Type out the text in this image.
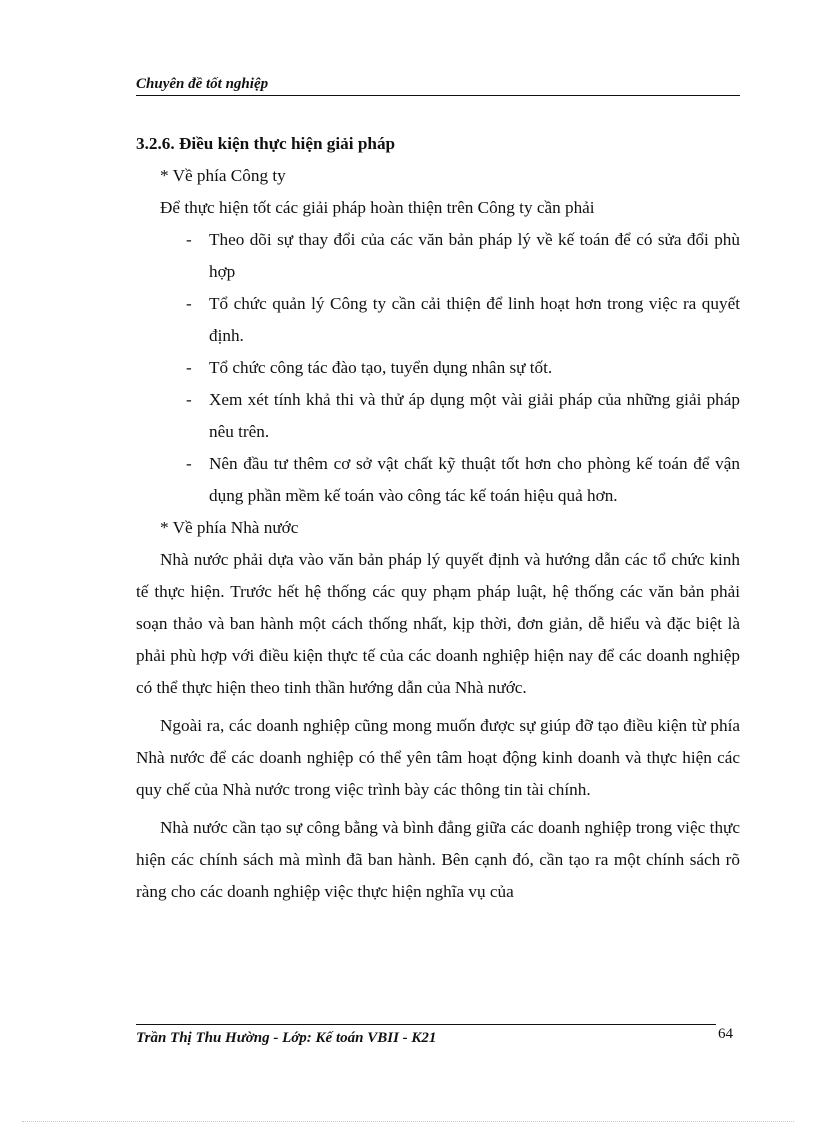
Chuyên đề tốt nghiệp

3.2.6. Điều kiện thực hiện giải pháp

* Về phía Công ty

Để thực hiện tốt các giải pháp hoàn thiện trên Công ty cần phải

- Theo dõi sự thay đổi của các văn bản pháp lý về kế toán để có sửa đổi phù hợp
- Tổ chức quản lý Công ty cần cải thiện để linh hoạt hơn trong việc ra quyết định.
- Tổ chức công tác đào tạo, tuyển dụng nhân sự tốt.
- Xem xét tính khả thi và thử áp dụng một vài giải pháp của những giải pháp nêu trên.
- Nên đầu tư thêm cơ sở vật chất kỹ thuật tốt hơn cho phòng kế toán để vận dụng phần mềm kế toán vào công tác kế toán hiệu quả hơn.

* Về phía Nhà nước

Nhà nước phải dựa vào văn bản pháp lý quyết định và hướng dẫn các tổ chức kinh tế thực hiện. Trước hết hệ thống các quy phạm pháp luật, hệ thống các văn bản phải soạn thảo và ban hành một cách thống nhất, kịp thời, đơn giản, dễ hiểu và đặc biệt là phải phù hợp với điều kiện thực tế của các doanh nghiệp hiện nay để các doanh nghiệp có thể thực hiện theo tinh thần hướng dẫn của Nhà nước.

Ngoài ra, các doanh nghiệp cũng mong muốn được sự giúp đỡ tạo điều kiện từ phía Nhà nước để các doanh nghiệp có thể yên tâm hoạt động kinh doanh và thực hiện các quy chế của Nhà nước trong việc trình bày các thông tin tài chính.

Nhà nước cần tạo sự công bằng và bình đẳng giữa các doanh nghiệp trong việc thực hiện các chính sách mà mình đã ban hành. Bên cạnh đó, cần tạo ra một chính sách rõ ràng cho các doanh nghiệp việc thực hiện nghĩa vụ của

Trần Thị Thu Hường - Lớp: Kế toán VBII - K21	64
